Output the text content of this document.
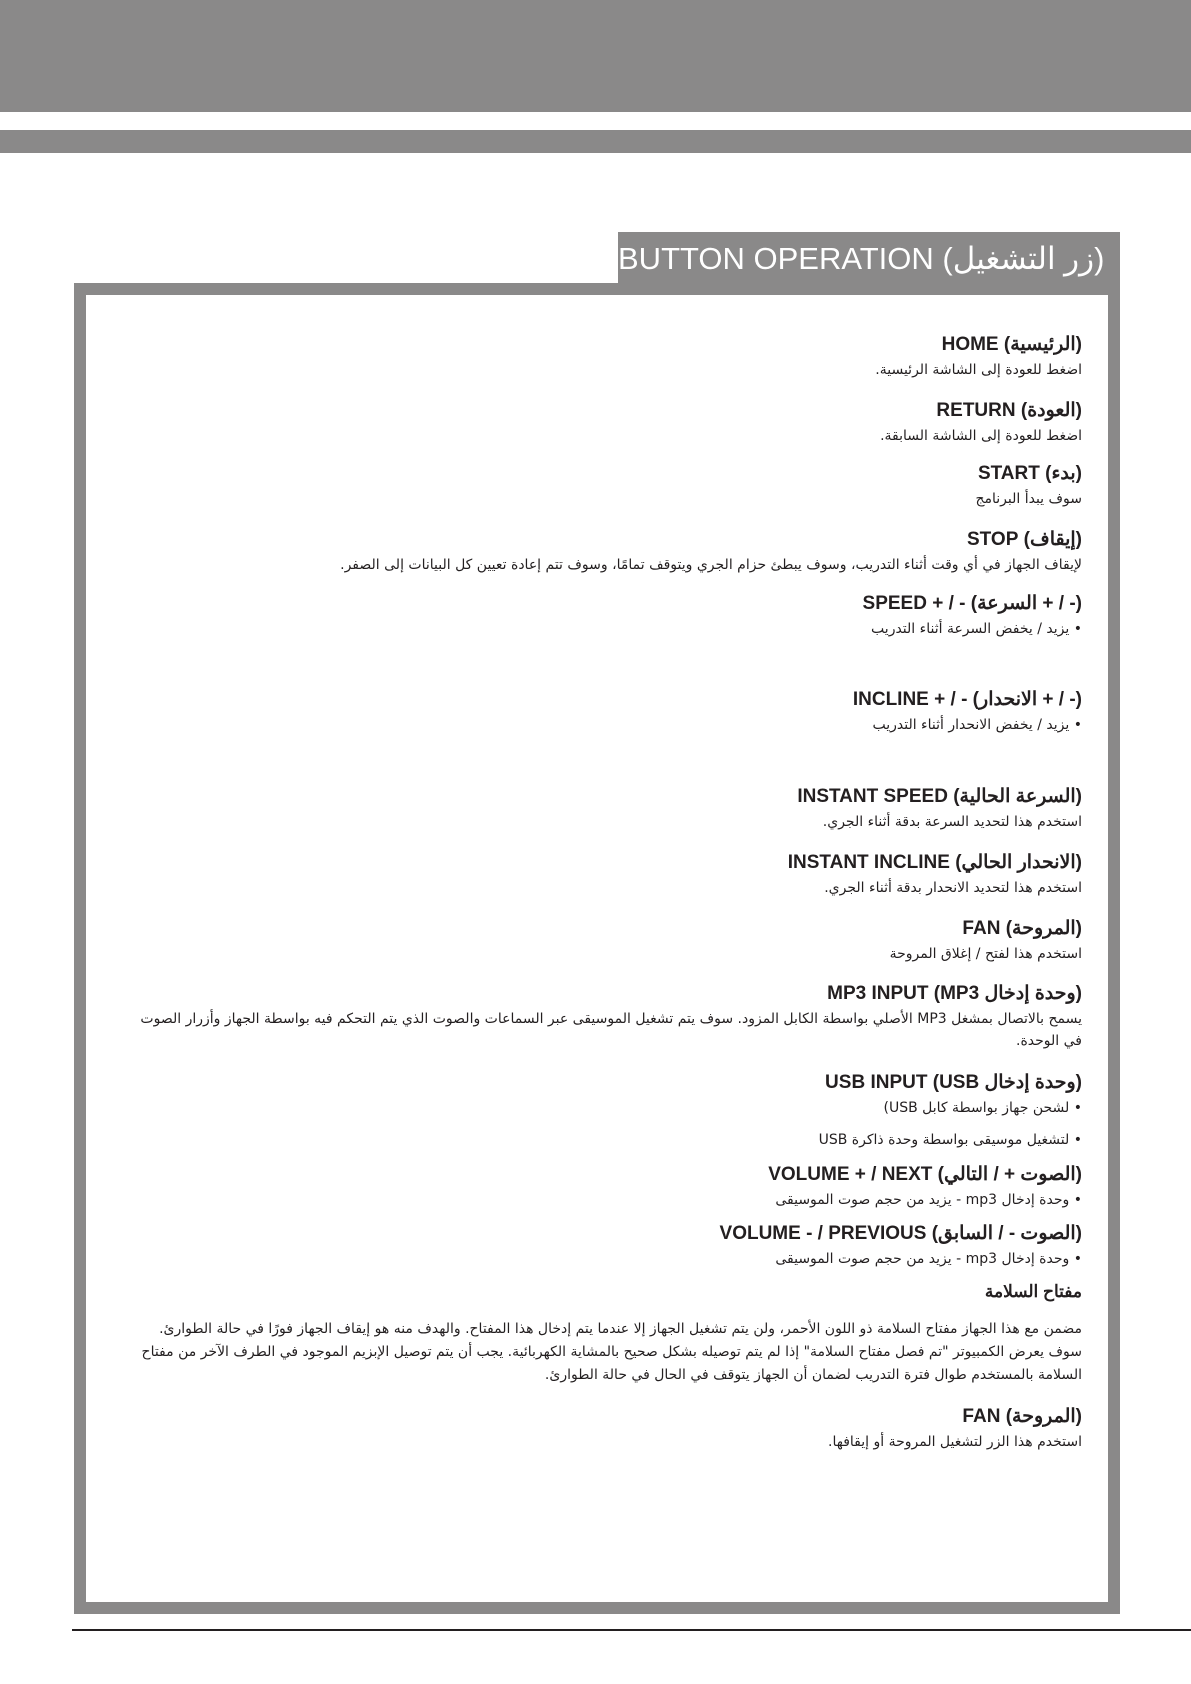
(زر التشغيل) BUTTON OPERATION
(الرئيسية) HOME
اضغط للعودة إلى الشاشة الرئيسية.
(العودة) RETURN
اضغط للعودة إلى الشاشة السابقة.
(بدء) START
سوف يبدأ البرنامج
(إيقاف) STOP
لإيقاف الجهاز في أي وقت أثناء التدريب، وسوف يبطئ حزام الجري ويتوقف تمامًا، وسوف تتم إعادة تعيين كل البيانات إلى الصفر.
SPEED + / - (السرعة + / -)
• يزيد / يخفض السرعة أثناء التدريب
INCLINE + / - (الانحدار + / -)
• يزيد / يخفض الانحدار أثناء التدريب
(السرعة الحالية) INSTANT SPEED
استخدم هذا لتحديد السرعة بدقة أثناء الجري.
(الانحدار الحالي) INSTANT INCLINE
استخدم هذا لتحديد الانحدار بدقة أثناء الجري.
(المروحة) FAN
استخدم هذا لفتح / إغلاق المروحة
(وحدة إدخال MP3) MP3 INPUT
يسمح بالاتصال بمشغل MP3 الأصلي بواسطة الكابل المزود. سوف يتم تشغيل الموسيقى عبر السماعات والصوت الذي يتم التحكم فيه بواسطة الجهاز وأزرار الصوت في الوحدة.
(وحدة إدخال USB) USB INPUT
• لشحن جهاز بواسطة كابل USB)
• لتشغيل موسيقى بواسطة وحدة ذاكرة USB
(الصوت + / التالي) VOLUME + / NEXT
• وحدة إدخال mp3 - يزيد من حجم صوت الموسيقى
(الصوت - / السابق) VOLUME - / PREVIOUS
• وحدة إدخال mp3 - يزيد من حجم صوت الموسيقى
مفتاح السلامة
مضمن مع هذا الجهاز مفتاح السلامة ذو اللون الأحمر، ولن يتم تشغيل الجهاز إلا عندما يتم إدخال هذا المفتاح. والهدف منه هو إيقاف الجهاز فورًا في حالة الطوارئ. سوف يعرض الكمبيوتر "تم فصل مفتاح السلامة" إذا لم يتم توصيله بشكل صحيح بالمشاية الكهربائية. يجب أن يتم توصيل الإبزيم الموجود في الطرف الآخر من مفتاح السلامة بالمستخدم طوال فترة التدريب لضمان أن الجهاز يتوقف في الحال في حالة الطوارئ.
(المروحة) FAN
استخدم هذا الزر لتشغيل المروحة أو إيقافها.
